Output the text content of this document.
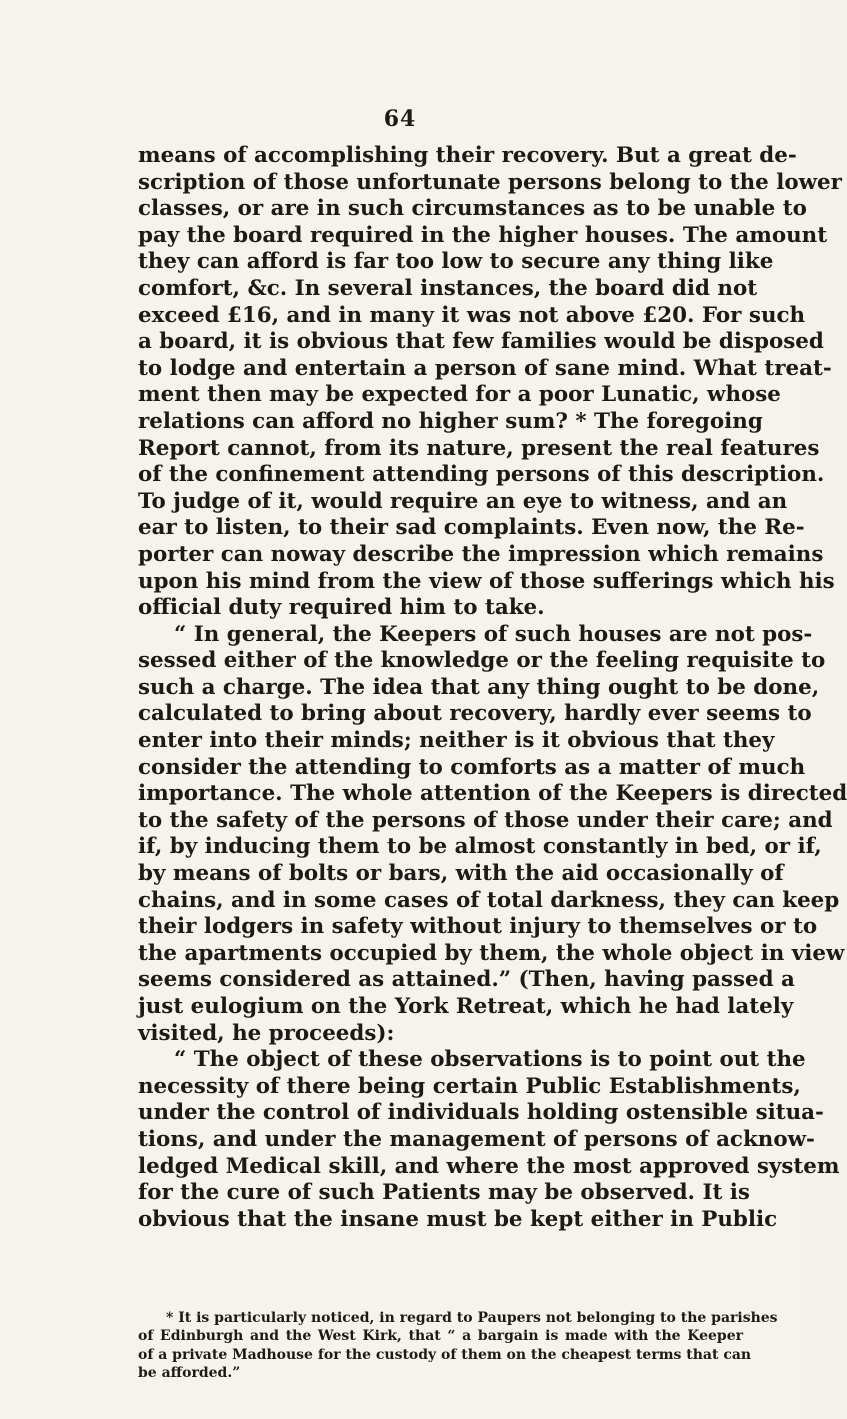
64
means of accomplishing their recovery. But a great de-
scription of those unfortunate persons belong to the lower
classes, or are in such circumstances as to be unable to
pay the board required in the higher houses. The amount
they can afford is far too low to secure any thing like
comfort, &c. In several instances, the board did not
exceed £16, and in many it was not above £20. For such
a board, it is obvious that few families would be disposed
to lodge and entertain a person of sane mind. What treat-
ment then may be expected for a poor Lunatic, whose
relations can afford no higher sum? * The foregoing
Report cannot, from its nature, present the real features
of the confinement attending persons of this description.
To judge of it, would require an eye to witness, and an
ear to listen, to their sad complaints. Even now, the Re-
porter can noway describe the impression which remains
upon his mind from the view of those sufferings which his
official duty required him to take.
“ In general, the Keepers of such houses are not pos-
sessed either of the knowledge or the feeling requisite to
such a charge. The idea that any thing ought to be done,
calculated to bring about recovery, hardly ever seems to
enter into their minds; neither is it obvious that they
consider the attending to comforts as a matter of much
importance. The whole attention of the Keepers is directed
to the safety of the persons of those under their care; and
if, by inducing them to be almost constantly in bed, or if,
by means of bolts or bars, with the aid occasionally of
chains, and in some cases of total darkness, they can keep
their lodgers in safety without injury to themselves or to
the apartments occupied by them, the whole object in view
seems considered as attained.” (Then, having passed a
just eulogium on the York Retreat, which he had lately
visited, he proceeds):
“ The object of these observations is to point out the
necessity of there being certain Public Establishments,
under the control of individuals holding ostensible situa-
tions, and under the management of persons of acknow-
ledged Medical skill, and where the most approved system
for the cure of such Patients may be observed. It is
obvious that the insane must be kept either in Public
* It is particularly noticed, in regard to Paupers not belonging to the parishes
of Edinburgh and the West Kirk, that “ a bargain is made with the Keeper
of a private Madhouse for the custody of them on the cheapest terms that can
be afforded.”
